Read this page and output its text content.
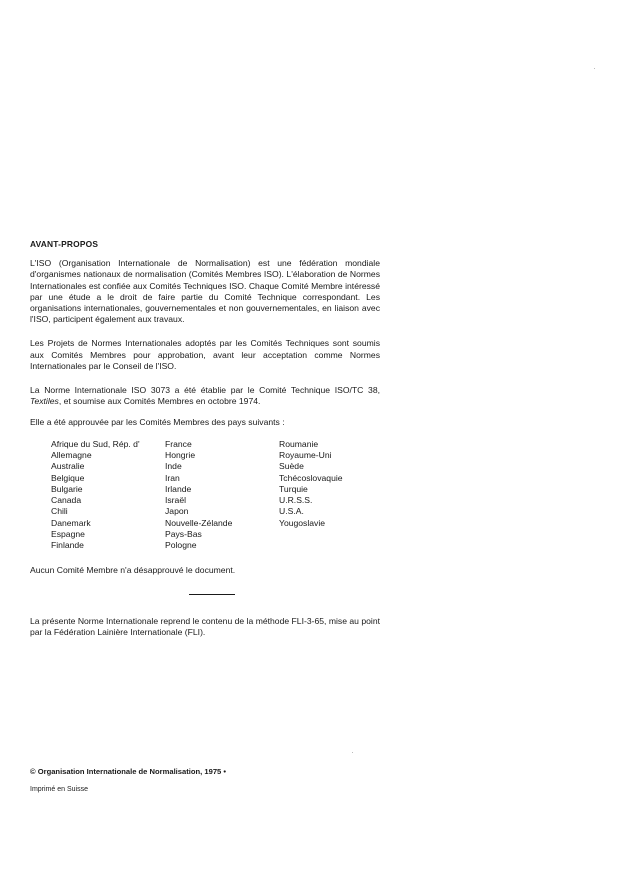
AVANT-PROPOS

L'ISO (Organisation Internationale de Normalisation) est une fédération mondiale d'organismes nationaux de normalisation (Comités Membres ISO). L'élaboration de Normes Internationales est confiée aux Comités Techniques ISO. Chaque Comité Membre intéressé par une étude a le droit de faire partie du Comité Technique correspondant. Les organisations internationales, gouvernementales et non gouvernementales, en liaison avec l'ISO, participent également aux travaux.

Les Projets de Normes Internationales adoptés par les Comités Techniques sont soumis aux Comités Membres pour approbation, avant leur acceptation comme Normes Internationales par le Conseil de l'ISO.

La Norme Internationale ISO 3073 a été établie par le Comité Technique ISO/TC 38, Textiles, et soumise aux Comités Membres en octobre 1974.

Elle a été approuvée par les Comités Membres des pays suivants :

Afrique du Sud, Rép. d'
Allemagne
Australie
Belgique
Bulgarie
Canada
Chili
Danemark
Espagne
Finlande
France
Hongrie
Inde
Iran
Irlande
Israël
Japon
Nouvelle-Zélande
Pays-Bas
Pologne
Roumanie
Royaume-Uni
Suède
Tchécoslovaquie
Turquie
U.R.S.S.
U.S.A.
Yougoslavie

Aucun Comité Membre n'a désapprouvé le document.

La présente Norme Internationale reprend le contenu de la méthode FLI-3-65, mise au point par la Fédération Lainière Internationale (FLI).

© Organisation Internationale de Normalisation, 1975 •
Imprimé en Suisse
